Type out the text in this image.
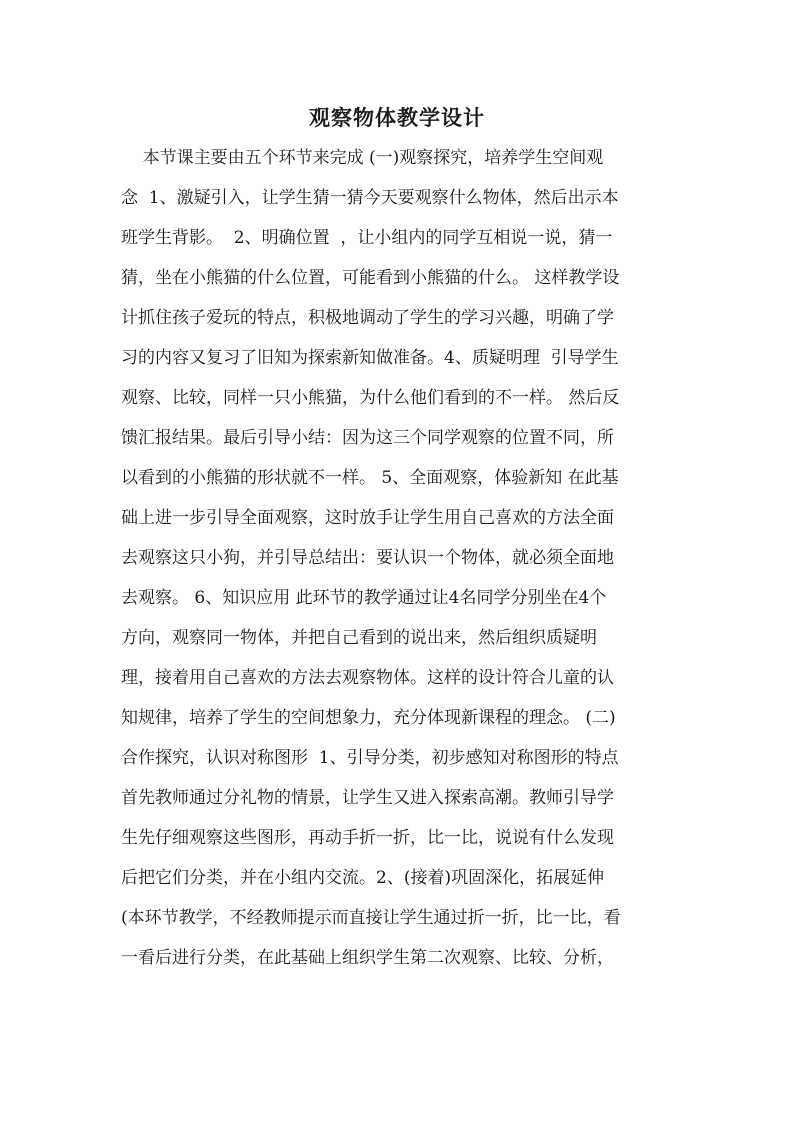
观察物体教学设计
本节课主要由五个环节来完成 (一)观察探究，培养学生空间观
念  1、激疑引入，让学生猜一猜今天要观察什么物体，然后出示本
班学生背影。  2、明确位置  ，让小组内的同学互相说一说，猜一
猜，坐在小熊猫的什么位置，可能看到小熊猫的什么。 这样教学设
计抓住孩子爱玩的特点，积极地调动了学生的学习兴趣，明确了学
习的内容又复习了旧知为探索新知做准备。4、质疑明理  引导学生
观察、比较，同样一只小熊猫，为什么他们看到的不一样。 然后反
馈汇报结果。最后引导小结：因为这三个同学观察的位置不同，所
以看到的小熊猫的形状就不一样。 5、全面观察，体验新知 在此基
础上进一步引导全面观察，这时放手让学生用自己喜欢的方法全面
去观察这只小狗，并引导总结出：要认识一个物体，就必须全面地
去观察。 6、知识应用 此环节的教学通过让4名同学分别坐在4个
方向，观察同一物体，并把自己看到的说出来，然后组织质疑明
理，接着用自己喜欢的方法去观察物体。这样的设计符合儿童的认
知规律，培养了学生的空间想象力，充分体现新课程的理念。 (二)
合作探究，认识对称图形  1、引导分类，初步感知对称图形的特点
首先教师通过分礼物的情景，让学生又进入探索高潮。教师引导学
生先仔细观察这些图形，再动手折一折，比一比，说说有什么发现
后把它们分类，并在小组内交流。2、(接着)巩固深化，拓展延伸
(本环节教学，不经教师提示而直接让学生通过折一折，比一比，看
一看后进行分类，在此基础上组织学生第二次观察、比较、分析，
